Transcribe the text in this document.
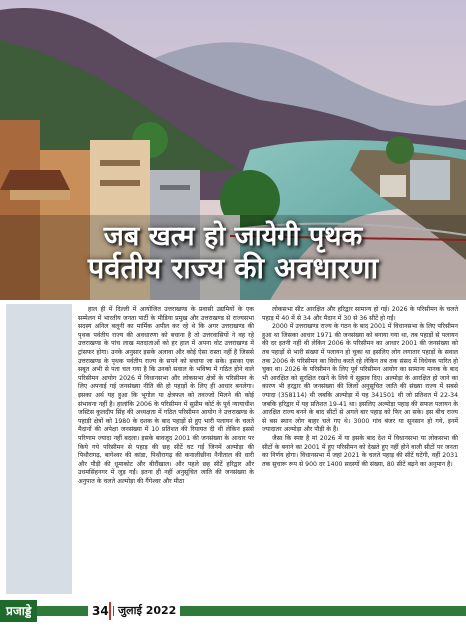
जब खत्म हो जायेगी पृथक
पर्वतीय राज्य की अवधारणा

हाल ही में दिल्ली में आयोजित उत्तराखण्ड के प्रवासी उद्यमियों के एक सम्मेलन में भारतीय जनता पार्टी के मीडिया प्रमुख और उत्तराखण्ड से राज्यसभा सदस्य अनिल बलूनी का मार्मिक अपील कर रहे थे कि अगर उत्तराखण्ड की पृथक पर्वतीय राज्य की अवधारणा को बचाना है तो उत्तरवासियों ने वह रहे उत्तराखण्ड के पांच लाख मतदाताओं को हर हाल में अपना वोट उत्तराखण्ड में ट्रांसफर होगा। उनके अनुसार इसके अलावा और कोई ऐसा रास्ता नहीं है जिससे उत्तराखण्ड के पृथक पर्वतीय राज्य के सपने को बचाया जा सके। इसका एक सबूत अभी से पता चल गया है कि उनको सवाल के भविष्य में गठित होने वाले परिसीमन आयोग 2026 में विधानसभा और लोकसभा क्षेत्रों के परिसीमन के लिए अपनाई गई जनसंख्या नीति की हो पहाड़ों के लिए ही आधार बनलेगा। इसका अर्थ यह हुआ कि भूगोल या क्षेत्रफल को तवज्जो मिलने की कोई संभावना नहीं है। हालांकि 2006 के परिसीमन में सुप्रीम कोर्ट के पूर्व न्यायाधीश जस्टिस कुलदीप सिंह की अध्यक्षता में गठित परिसीमन आयोग ने उत्तराखण्ड के पहाड़ी क्षेत्रों को 1980 के दशक के बाद पहाड़ों से हुए भारी पलायन के चलते मैदानों की अपेक्षा जनसंख्या में 10 प्रतिशत की रियायत दी थी लेकिन इससे परिणाम ज्यादा नहीं बदला। इसके बावजूद 2001 की जनसंख्या के आधार पर किये गये परिसीमन से पहाड़ की छह सीटें घट गईं जिनमें अल्मोड़ा की पिथौरागढ़, बागेश्वर की कांडा, पिथौरागढ़ की कनालीछीना नैनीताल की धारी और पौड़ी की धूमाकोट और बीरौंखाल। और पहले छह सीटें हरिद्वार और उधमसिंहनगर में जुड़ गईं। इतना ही नहीं अनुसूचित जाति की जनसंख्या के अनुपात के चलते अल्मोड़ा की गैंगेश्वर और मीठा

लोकसभा सीट आरक्षित और हरिद्वार सामान्य हो गई। 2026 के परिसीमन के चलते पहाड़ में 40 में से 34 और मैदान में 30 से 36 सीटें हो गईं।

2000 में उत्तराखण्ड राज्य के गठन के बाद 2001 में विधानसभा के लिए परिसीमन हुआ था जिसका आधार 1971 की जनसंख्या को बनाया गया था, तब पहाड़ों से पलायन की दर इतनी नहीं थी लेकिन 2006 के परिसीमन का आधार 2001 की जनसंख्या को तब पहाड़ों से भारी संख्या में पलायन हो चुका था इसलिए लोग लगातार पहाड़ों के सवाल तक 2006 के परिसीमन का विरोध करते रहे लेकिन तब तक संसद में विधेयक पारित हो चुका था। 2026 के परिसीमन के लिए पूर्व परिसीमन आयोग का सामान्य मानक के बाद भी आरक्षित को सुरक्षित रखने के लिये ये सुझाव दिए। अल्मोड़ा के आरक्षित हो जाने का कारण भी हरद्वार की जनसंख्या की जिलों अनुसूचित जाति की संख्या राज्य में सबसे ज्यादा (358114) थी जबकि अल्मोड़ा में यह 341501 थी जो प्रतिशत में 22-34 जबकि हरिद्वार में यह प्रतिशत 19-41 था। इसलिए अल्मोड़ा पहाड़ की सफल पलायन के आरक्षित राज्य बनने के बाद सीटों से अगले बार पहाड़ को फिर आ सके। इस बीच राज्य से बस स्थान लोग बाहर चले गए थे। 3000 गांव बंजर या सूनसान हो गये, इनमें ज्यादातर अल्मोड़ा और पौड़ी के हैं।

जैसा कि स्पष्ट है मां 2026 में या इसके बाद देश में विधानसभा या लोकसभा की सीटों के बनाने का 2001 में हुए परिसीमन को देखते हुए नहीं होने वाली सीटों पर जनता का निर्णय होगा। विधानसभा में जहां 2021 के चलते पहाड़ की सीटें घटेंगी, वहीं 2031 तक सुचारू रूप से 900 दर 1400 सदस्यों की संख्या, 80 सीटें बढ़ने का अनुमान है।

प्रजाड्डे	34 जुलाई 2022
